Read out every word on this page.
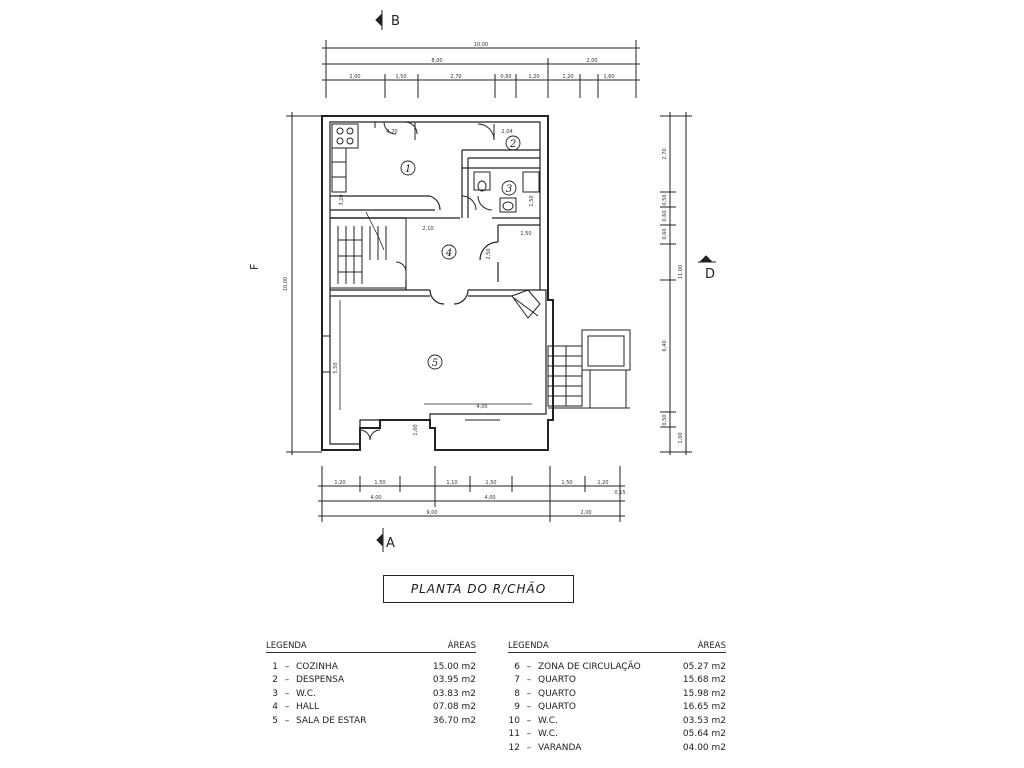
1
2
3
4
5
B
A
D
F
10,00
8,00	2,00
2,00	1,50	2,70	0,60	1,20	1,20	1,60
1,20	1,50	1,10	1,50	1,50	1,20
0,15
4,00	4,00
9,00	2,00
4,70	2,04
2,10
1,50
4,00
10,00
2,70
0,50
0,60
0,60
6,40
0,50
1,00
11,00
3,20
2,50
5,50
1,00
1,50
PLANTA DO R/CHÃO
LEGENDA	ÁREAS
1 – COZINHA	15.00 m2
2 – DESPENSA	03.95 m2
3 – W.C.	03.83 m2
4 – HALL	07.08 m2
5 – SALA DE ESTAR	36.70 m2
LEGENDA	ÁREAS
6 – ZONA DE CIRCULAÇÃO	05.27 m2
7 – QUARTO	15.68 m2
8 – QUARTO	15.98 m2
9 – QUARTO	16.65 m2
10 – W.C.	03.53 m2
11 – W.C.	05.64 m2
12 – VARANDA	04.00 m2
